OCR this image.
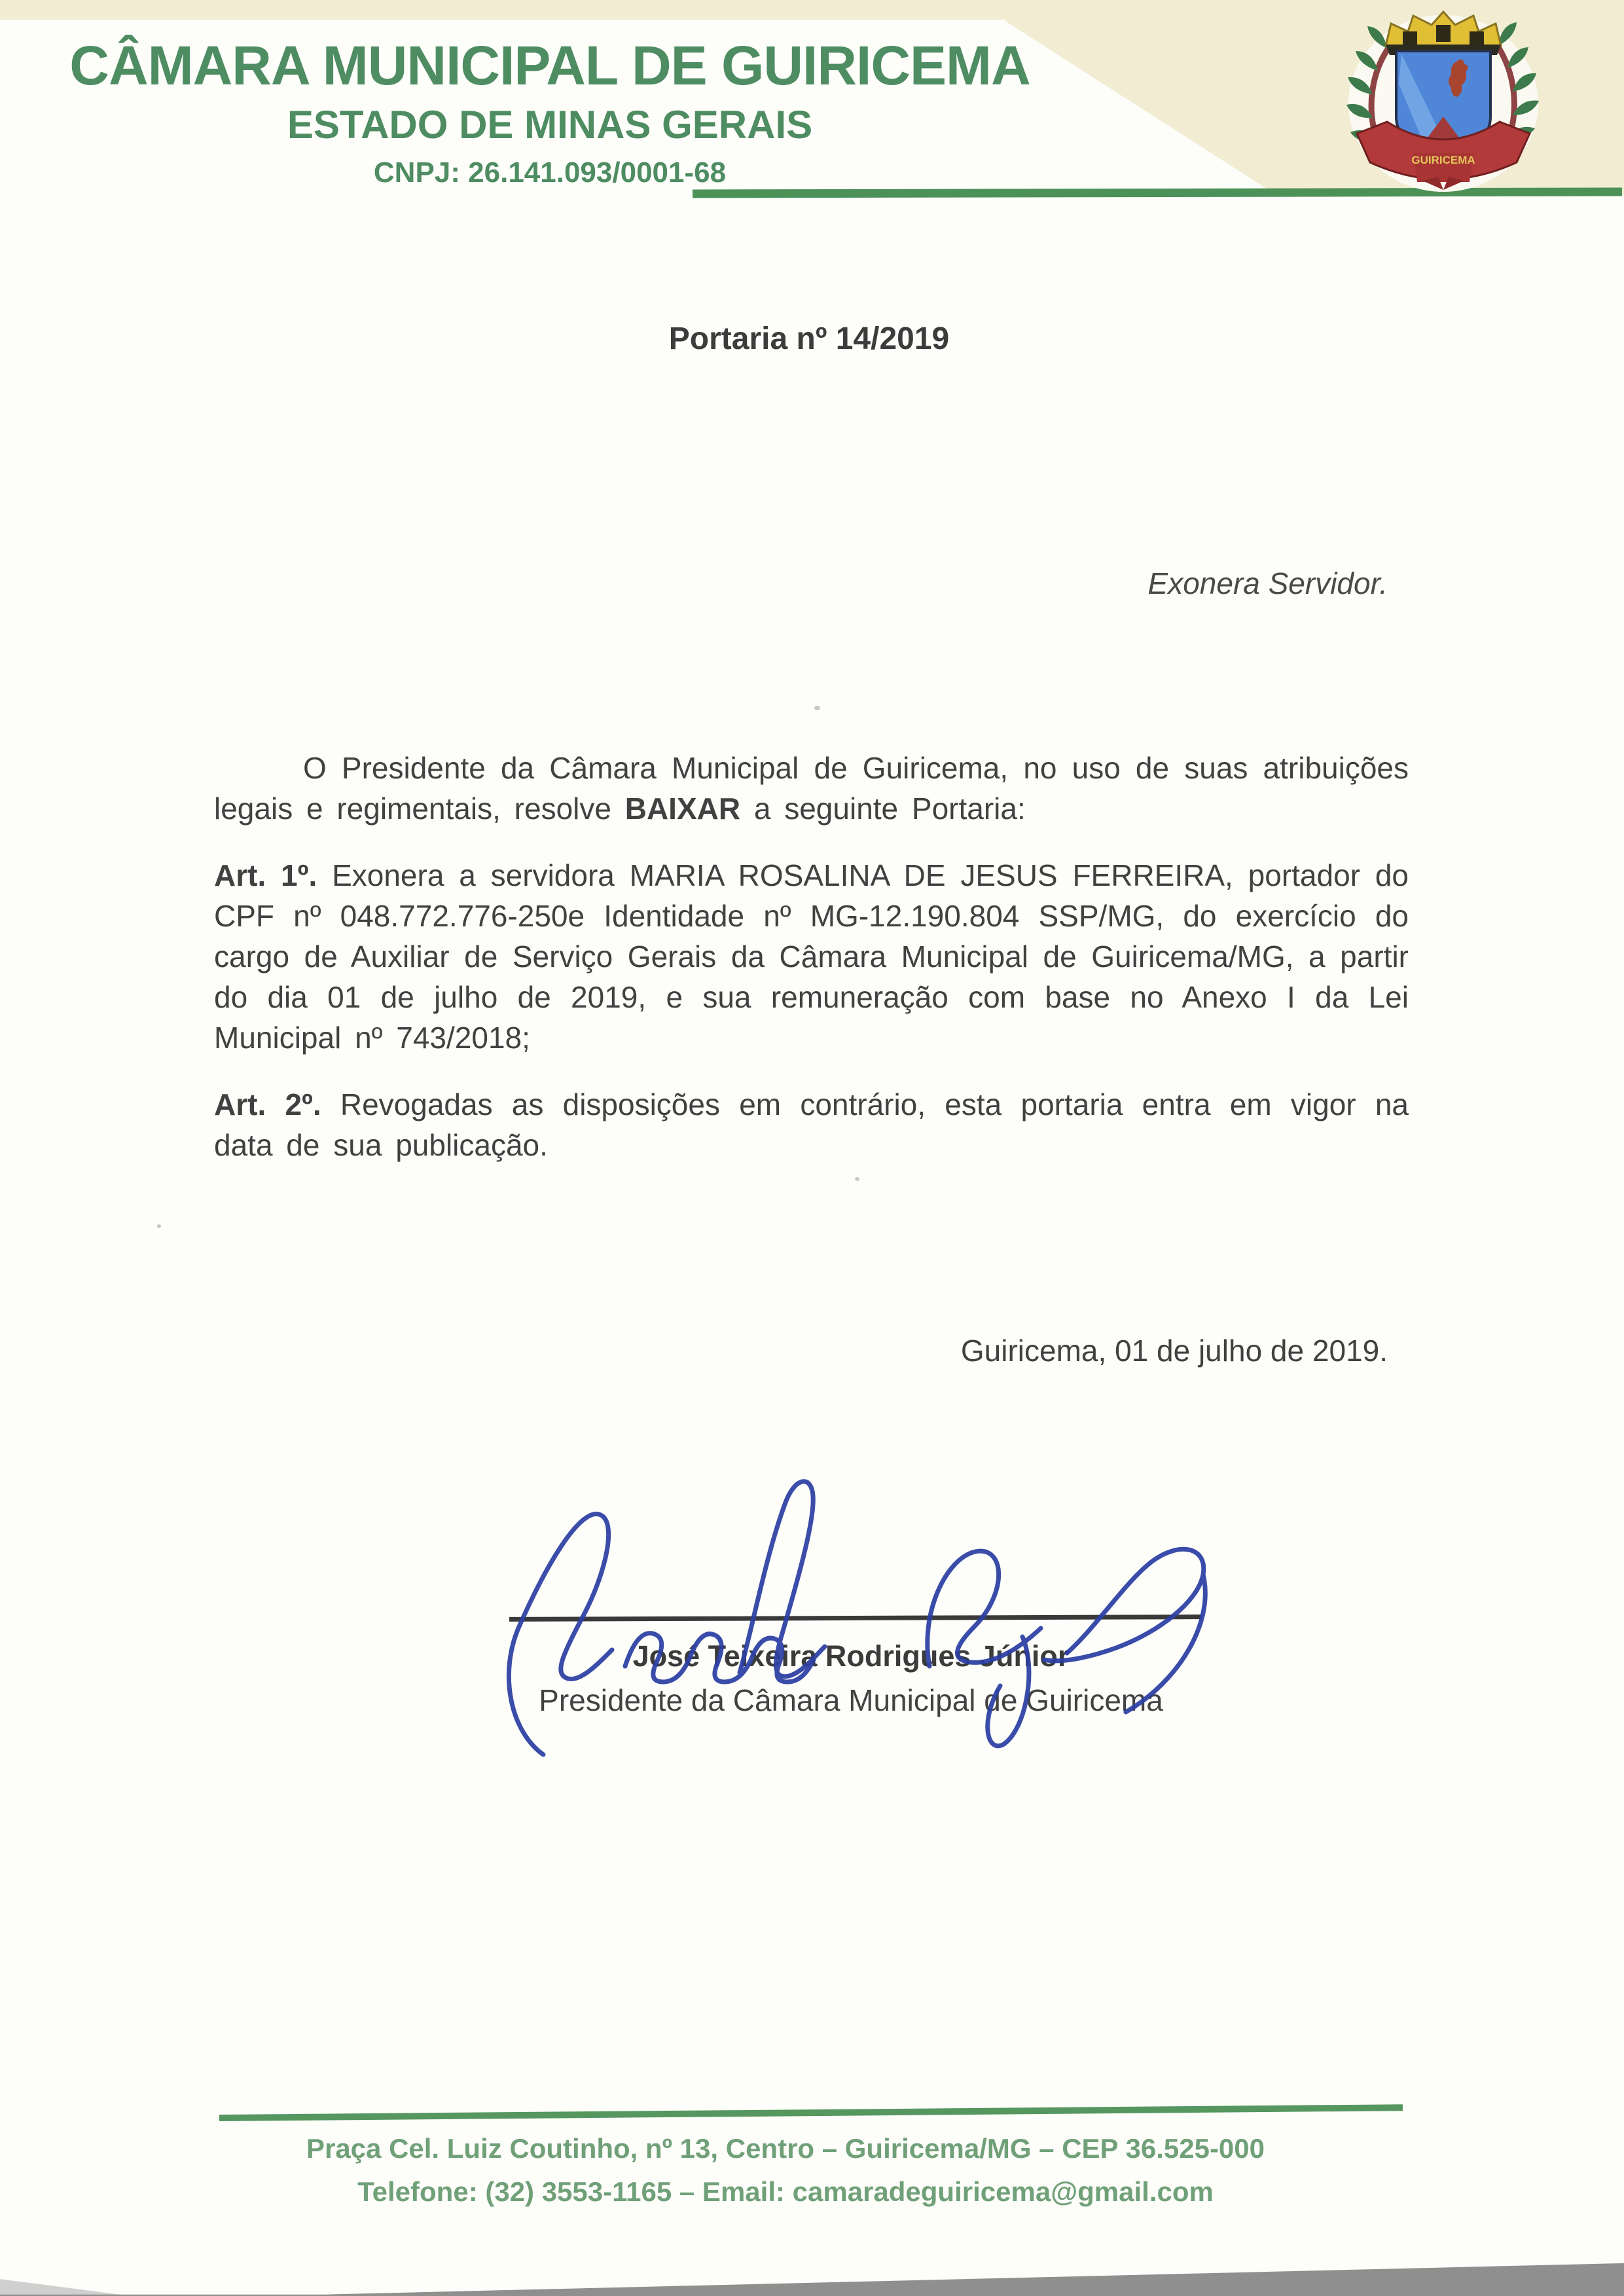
CÂMARA MUNICIPAL DE GUIRICEMA
ESTADO DE MINAS GERAIS
CNPJ: 26.141.093/0001-68	GUIRICEMA
Portaria nº 14/2019
Exonera Servidor.

O Presidente da Câmara Municipal de Guiricema, no uso de suas atribuições legais e regimentais, resolve BAIXAR a seguinte Portaria:

Art. 1º. Exonera a servidora MARIA ROSALINA DE JESUS FERREIRA, portador do CPF nº 048.772.776-250e Identidade nº MG-12.190.804 SSP/MG, do exercício do cargo de Auxiliar de Serviço Gerais da Câmara Municipal de Guiricema/MG, a partir do dia 01 de julho de 2019, e sua remuneração com base no Anexo I da Lei Municipal nº 743/2018;

Art. 2º. Revogadas as disposições em contrário, esta portaria entra em vigor na data de sua publicação.

Guiricema, 01 de julho de 2019.
José Teixeira Rodrigues Júnior
Presidente da Câmara Municipal de Guiricema
Praça Cel. Luiz Coutinho, nº 13, Centro – Guiricema/MG – CEP 36.525-000
Telefone: (32) 3553-1165 – Email: camaradeguiricema@gmail.com
